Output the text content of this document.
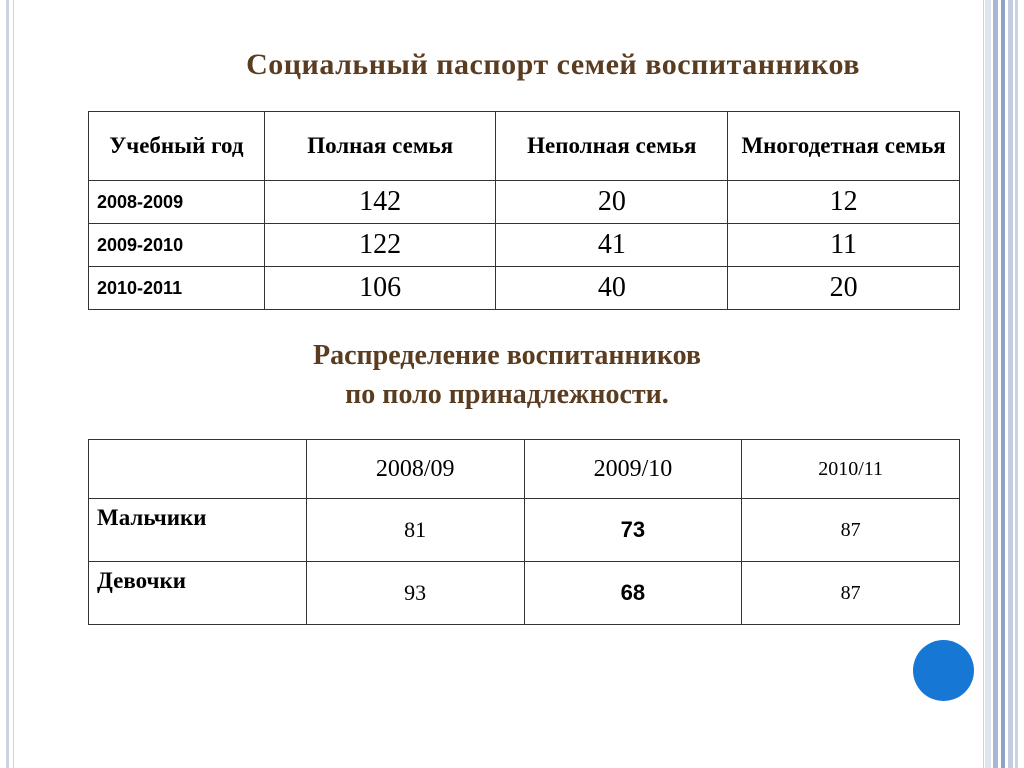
Социальный паспорт семей воспитанников
Учебный год	Полная семья	Неполная семья	Многодетная семья
2008-2009	142	20	12
2009-2010	122	41	11
2010-2011	106	40	20
Распределение воспитанников
по поло принадлежности.
	2008/09	2009/10	2010/11
Мальчики	81	73	87
Девочки	93	68	87
